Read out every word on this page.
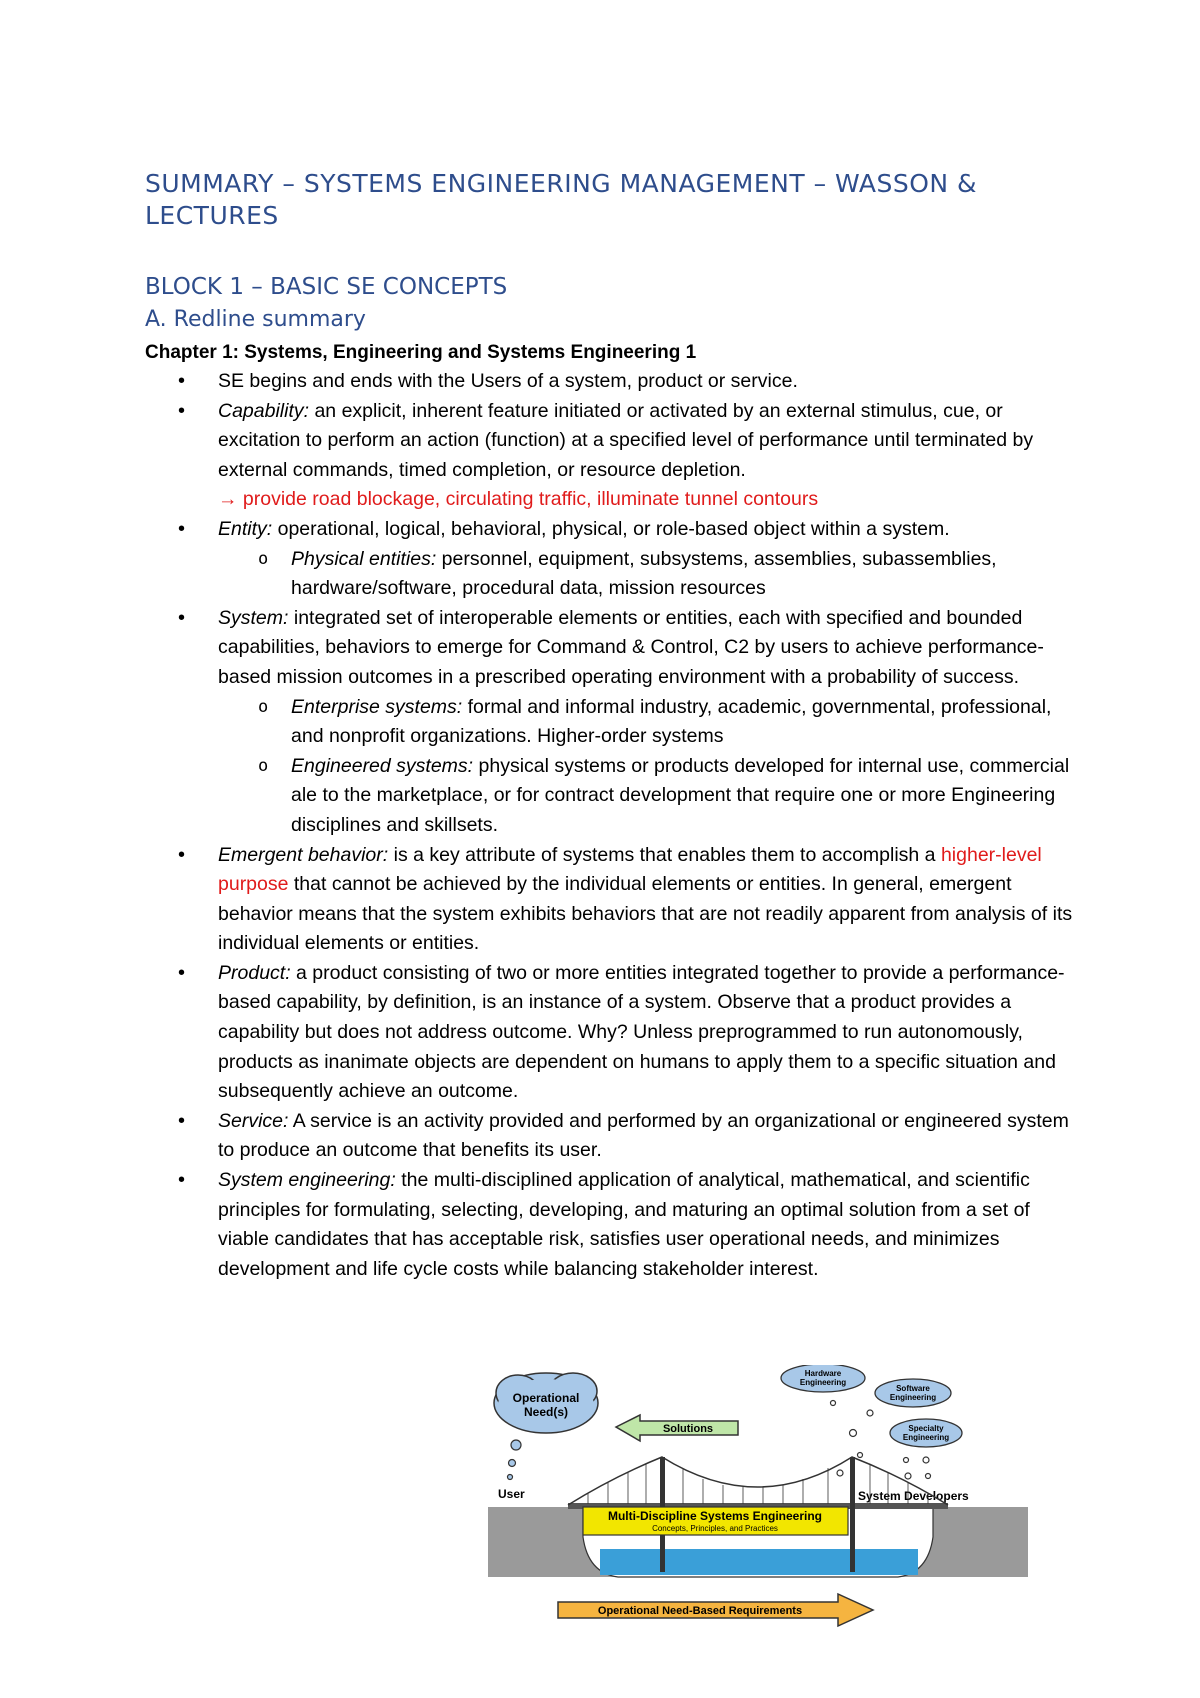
SUMMARY – SYSTEMS ENGINEERING MANAGEMENT – WASSON & LECTURES
BLOCK 1 – BASIC SE CONCEPTS
A. Redline summary

Chapter 1: Systems, Engineering and Systems Engineering 1

• SE begins and ends with the Users of a system, product or service.
• Capability: an explicit, inherent feature initiated or activated by an external stimulus, cue, or excitation to perform an action (function) at a specified level of performance until terminated by external commands, timed completion, or resource depletion.
→ provide road blockage, circulating traffic, illuminate tunnel contours
• Entity: operational, logical, behavioral, physical, or role-based object within a system.
o Physical entities: personnel, equipment, subsystems, assemblies, subassemblies, hardware/software, procedural data, mission resources
• System: integrated set of interoperable elements or entities, each with specified and bounded capabilities, behaviors to emerge for Command & Control, C2 by users to achieve performance-based mission outcomes in a prescribed operating environment with a probability of success.
o Enterprise systems: formal and informal industry, academic, governmental, professional, and nonprofit organizations. Higher-order systems
o Engineered systems: physical systems or products developed for internal use, commercial ale to the marketplace, or for contract development that require one or more Engineering disciplines and skillsets.
• Emergent behavior: is a key attribute of systems that enables them to accomplish a higher-level purpose that cannot be achieved by the individual elements or entities. In general, emergent behavior means that the system exhibits behaviors that are not readily apparent from analysis of its individual elements or entities.
• Product: a product consisting of two or more entities integrated together to provide a performance-based capability, by definition, is an instance of a system. Observe that a product provides a capability but does not address outcome. Why? Unless preprogrammed to run autonomously, products as inanimate objects are dependent on humans to apply them to a specific situation and subsequently achieve an outcome.
• Service: A service is an activity provided and performed by an organizational or engineered system to produce an outcome that benefits its user.
• System engineering: the multi-disciplined application of analytical, mathematical, and scientific principles for formulating, selecting, developing, and maturing an optimal solution from a set of viable candidates that has acceptable risk, satisfies user operational needs, and minimizes development and life cycle costs while balancing stakeholder interest.
Operational
Need(s)
User
Solutions
Hardware
Engineering
Software
Engineering
Specialty
Engineering
System Developers
Multi-Discipline Systems Engineering
Concepts, Principles, and Practices
Operational Need-Based Requirements
